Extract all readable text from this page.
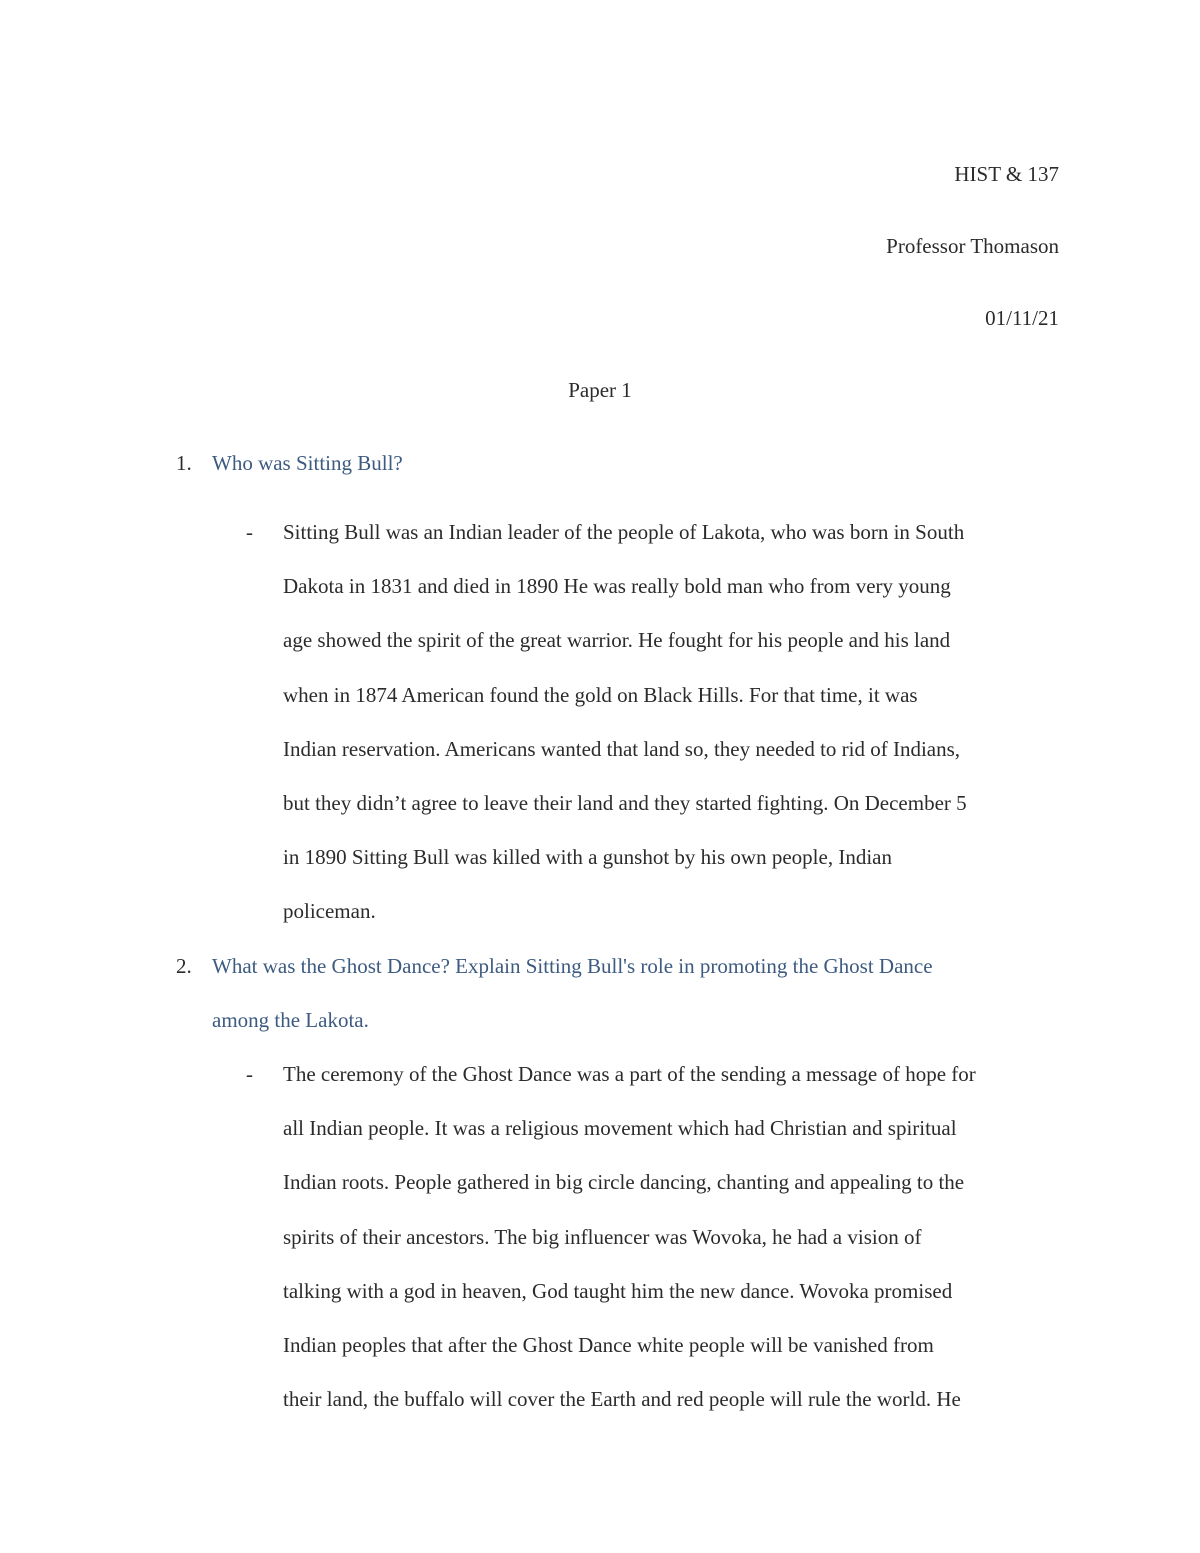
HIST & 137
Professor Thomason
01/11/21
Paper 1
1. Who was Sitting Bull?
- Sitting Bull was an Indian leader of the people of Lakota, who was born in South
Dakota in 1831 and died in 1890 He was really bold man who from very young
age showed the spirit of the great warrior. He fought for his people and his land
when in 1874 American found the gold on Black Hills. For that time, it was
Indian reservation. Americans wanted that land so, they needed to rid of Indians,
but they didn’t agree to leave their land and they started fighting. On December 5
in 1890 Sitting Bull was killed with a gunshot by his own people, Indian
policeman.
2. What was the Ghost Dance? Explain Sitting Bull's role in promoting the Ghost Dance
among the Lakota.
- The ceremony of the Ghost Dance was a part of the sending a message of hope for
all Indian people. It was a religious movement which had Christian and spiritual
Indian roots. People gathered in big circle dancing, chanting and appealing to the
spirits of their ancestors. The big influencer was Wovoka, he had a vision of
talking with a god in heaven, God taught him the new dance. Wovoka promised
Indian peoples that after the Ghost Dance white people will be vanished from
their land, the buffalo will cover the Earth and red people will rule the world. He
